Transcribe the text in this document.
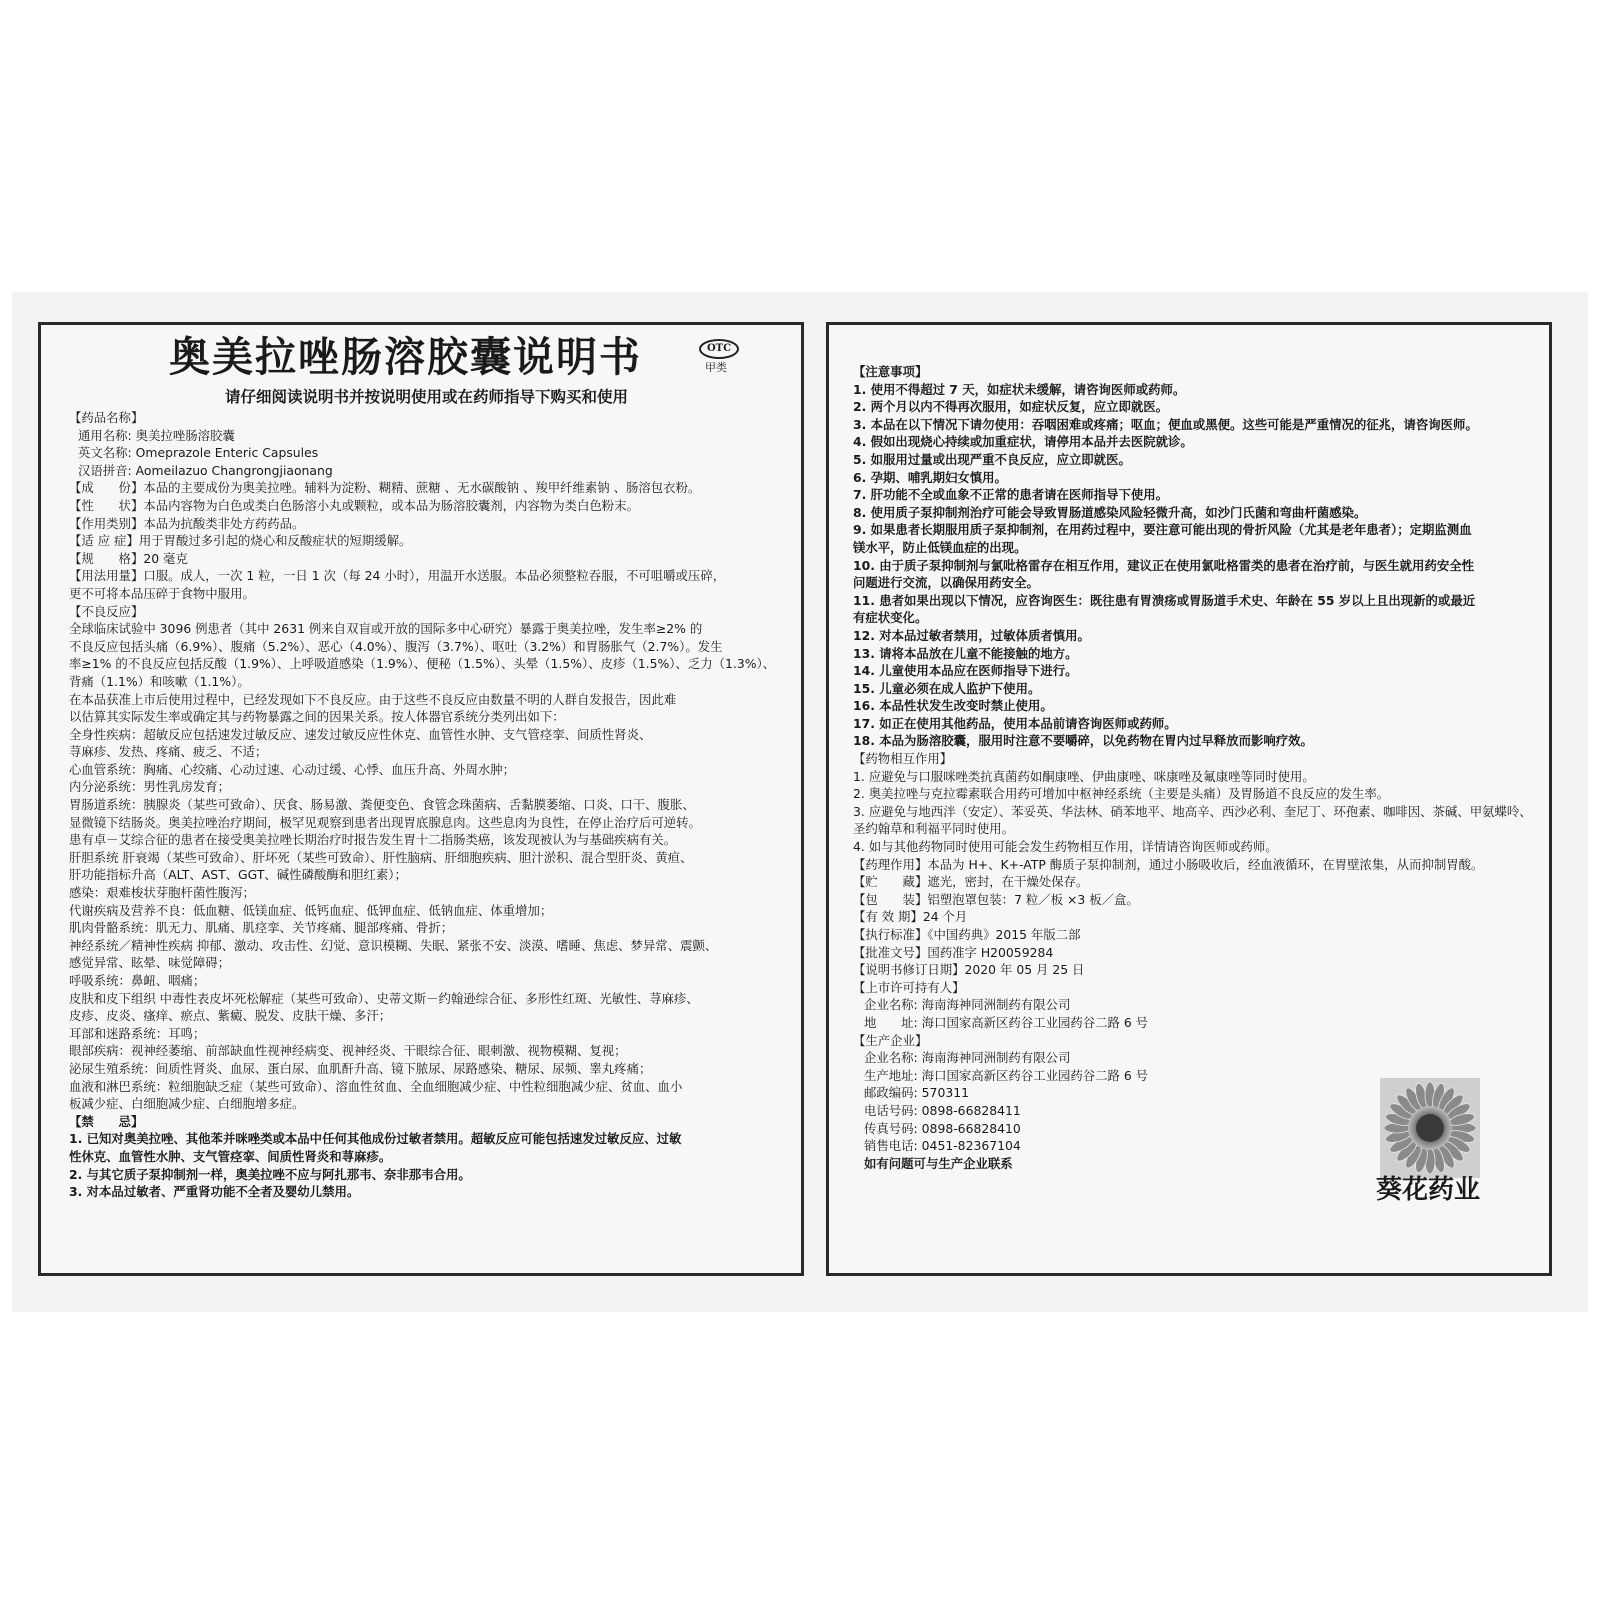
奥美拉唑肠溶胶囊说明书	OTC
甲类
请仔细阅读说明书并按说明使用或在药师指导下购买和使用
【药品名称】
通用名称: 奥美拉唑肠溶胶囊
英文名称: Omeprazole Enteric Capsules
汉语拼音: Aomeilazuo Changrongjiaonang
【成　　份】本品的主要成份为奥美拉唑。辅料为淀粉、糊精、蔗糖 、无水碳酸钠 、羧甲纤维素钠 、肠溶包衣粉。
【性　　状】本品内容物为白色或类白色肠溶小丸或颗粒，或本品为肠溶胶囊剂，内容物为类白色粉末。
【作用类别】本品为抗酸类非处方药药品。
【适 应 症】用于胃酸过多引起的烧心和反酸症状的短期缓解。
【规　　格】20 毫克
【用法用量】口服。成人，一次 1 粒，一日 1 次（每 24 小时），用温开水送服。本品必须整粒吞服，不可咀嚼或压碎，
更不可将本品压碎于食物中服用。
【不良反应】
全球临床试验中 3096 例患者（其中 2631 例来自双盲或开放的国际多中心研究）暴露于奥美拉唑，发生率≥2% 的
不良反应包括头痛（6.9%）、腹痛（5.2%）、恶心（4.0%）、腹泻（3.7%）、呕吐（3.2%）和胃肠胀气（2.7%）。发生
率≥1% 的不良反应包括反酸（1.9%）、上呼吸道感染（1.9%）、便秘（1.5%）、头晕（1.5%）、皮疹（1.5%）、乏力（1.3%）、
背痛（1.1%）和咳嗽（1.1%）。
在本品获准上市后使用过程中，已经发现如下不良反应。由于这些不良反应由数量不明的人群自发报告，因此难
以估算其实际发生率或确定其与药物暴露之间的因果关系。按人体器官系统分类列出如下：
全身性疾病：超敏反应包括速发过敏反应、速发过敏反应性休克、血管性水肿、支气管痉挛、间质性肾炎、
荨麻疹、发热、疼痛、疲乏、不适；
心血管系统：胸痛、心绞痛、心动过速、心动过缓、心悸、血压升高、外周水肿；
内分泌系统：男性乳房发育；
胃肠道系统：胰腺炎（某些可致命）、厌食、肠易激、粪便变色、食管念珠菌病、舌黏膜萎缩、口炎、口干、腹胀、
显微镜下结肠炎。奥美拉唑治疗期间，极罕见观察到患者出现胃底腺息肉。这些息肉为良性，在停止治疗后可逆转。
患有卓－艾综合征的患者在接受奥美拉唑长期治疗时报告发生胃十二指肠类癌，该发现被认为与基础疾病有关。
肝胆系统 肝衰竭（某些可致命）、肝坏死（某些可致命）、肝性脑病、肝细胞疾病、胆汁淤积、混合型肝炎、黄疸、
肝功能指标升高（ALT、AST、GGT、碱性磷酸酶和胆红素）；
感染：艰难梭状芽胞杆菌性腹泻；
代谢疾病及营养不良：低血糖、低镁血症、低钙血症、低钾血症、低钠血症、体重增加；
肌肉骨骼系统：肌无力、肌痛、肌痉挛、关节疼痛、腿部疼痛、骨折；
神经系统／精神性疾病 抑郁、激动、攻击性、幻觉、意识模糊、失眠、紧张不安、淡漠、嗜睡、焦虑、梦异常、震颤、
感觉异常、眩晕、味觉障碍；
呼吸系统：鼻衄、咽痛；
皮肤和皮下组织 中毒性表皮坏死松解症（某些可致命）、史蒂文斯－约翰逊综合征、多形性红斑、光敏性、荨麻疹、
皮疹、皮炎、瘙痒、瘀点、紫癜、脱发、皮肤干燥、多汗；
耳部和迷路系统：耳鸣；
眼部疾病：视神经萎缩、前部缺血性视神经病变、视神经炎、干眼综合征、眼刺激、视物模糊、复视；
泌尿生殖系统：间质性肾炎、血尿、蛋白尿、血肌酐升高、镜下脓尿、尿路感染、糖尿、尿频、睾丸疼痛；
血液和淋巴系统：粒细胞缺乏症（某些可致命）、溶血性贫血、全血细胞减少症、中性粒细胞减少症、贫血、血小
板减少症、白细胞减少症、白细胞增多症。
【禁　　忌】
1. 已知对奥美拉唑、其他苯并咪唑类或本品中任何其他成份过敏者禁用。超敏反应可能包括速发过敏反应、过敏
性休克、血管性水肿、支气管痉挛、间质性肾炎和荨麻疹。
2. 与其它质子泵抑制剂一样，奥美拉唑不应与阿扎那韦、奈非那韦合用。
3. 对本品过敏者、严重肾功能不全者及婴幼儿禁用。
【注意事项】
1. 使用不得超过 7 天，如症状未缓解，请咨询医师或药师。
2. 两个月以内不得再次服用，如症状反复，应立即就医。
3. 本品在以下情况下请勿使用：吞咽困难或疼痛；呕血；便血或黑便。这些可能是严重情况的征兆，请咨询医师。
4. 假如出现烧心持续或加重症状，请停用本品并去医院就诊。
5. 如服用过量或出现严重不良反应，应立即就医。
6. 孕期、哺乳期妇女慎用。
7. 肝功能不全或血象不正常的患者请在医师指导下使用。
8. 使用质子泵抑制剂治疗可能会导致胃肠道感染风险轻微升高，如沙门氏菌和弯曲杆菌感染。
9. 如果患者长期服用质子泵抑制剂，在用药过程中，要注意可能出现的骨折风险（尤其是老年患者）；定期监测血
镁水平，防止低镁血症的出现。
10. 由于质子泵抑制剂与氯吡格雷存在相互作用，建议正在使用氯吡格雷类的患者在治疗前，与医生就用药安全性
问题进行交流，以确保用药安全。
11. 患者如果出现以下情况，应咨询医生：既往患有胃溃疡或胃肠道手术史、年龄在 55 岁以上且出现新的或最近
有症状变化。
12. 对本品过敏者禁用，过敏体质者慎用。
13. 请将本品放在儿童不能接触的地方。
14. 儿童使用本品应在医师指导下进行。
15. 儿童必须在成人监护下使用。
16. 本品性状发生改变时禁止使用。
17. 如正在使用其他药品，使用本品前请咨询医师或药师。
18. 本品为肠溶胶囊，服用时注意不要嚼碎，以免药物在胃内过早释放而影响疗效。
【药物相互作用】
1. 应避免与口服咪唑类抗真菌药如酮康唑、伊曲康唑、咪康唑及氟康唑等同时使用。
2. 奥美拉唑与克拉霉素联合用药可增加中枢神经系统（主要是头痛）及胃肠道不良反应的发生率。
3. 应避免与地西泮（安定）、苯妥英、华法林、硝苯地平、地高辛、西沙必利、奎尼丁、环孢素、咖啡因、茶碱、甲氨蝶呤、
圣约翰草和利福平同时使用。
4. 如与其他药物同时使用可能会发生药物相互作用，详情请咨询医师或药师。
【药理作用】本品为 H+、K+-ATP 酶质子泵抑制剂，通过小肠吸收后，经血液循环，在胃壁浓集，从而抑制胃酸。
【贮　　藏】遮光，密封，在干燥处保存。
【包　　装】铝塑泡罩包装：7 粒／板 ×3 板／盒。
【有 效 期】24 个月
【执行标准】《中国药典》2015 年版二部
【批准文号】国药准字 H20059284
【说明书修订日期】2020 年 05 月 25 日
【上市许可持有人】
企业名称: 海南海神同洲制药有限公司
地　　址: 海口国家高新区药谷工业园药谷二路 6 号
【生产企业】
企业名称: 海南海神同洲制药有限公司
生产地址: 海口国家高新区药谷工业园药谷二路 6 号
邮政编码: 570311
电话号码: 0898-66828411
传真号码: 0898-66828410
销售电话: 0451-82367104
如有问题可与生产企业联系
葵花药业
